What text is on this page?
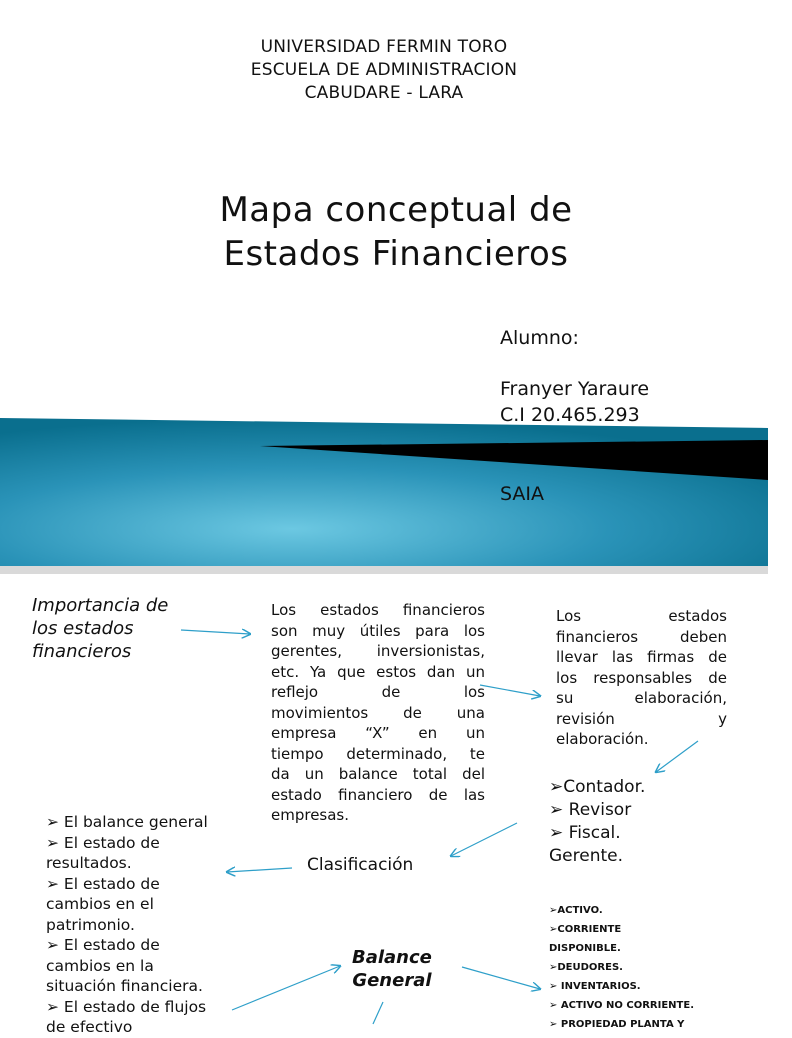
UNIVERSIDAD FERMIN TORO
ESCUELA DE ADMINISTRACION
CABUDARE - LARA
Mapa conceptual de
Estados Financieros
Alumno:
Franyer Yaraure
C.I 20.465.293
SAIA
Importancia de
los estados
financieros
Los estados financieros
son muy útiles para los
gerentes, inversionistas,
etc. Ya que estos dan un
reflejo de los
movimientos de una
empresa “X” en un
tiempo determinado, te
da un balance total del
estado financiero de las
empresas.
Los estados
financieros deben
llevar las firmas de
los responsables de
su elaboración,
revisión y
elaboración.
➢Contador.
➢ Revisor
➢ Fiscal.
Gerente.
Clasificación
➢ El balance general
➢ El estado de
resultados.
➢ El estado de
cambios en el
patrimonio.
➢ El estado de
cambios en la
situación financiera.
➢ El estado de flujos
de efectivo
Balance
General
➢ACTIVO.
➢CORRIENTE
DISPONIBLE.
➢DEUDORES.
➢ INVENTARIOS.
➢ ACTIVO NO CORRIENTE.
➢ PROPIEDAD PLANTA Y
